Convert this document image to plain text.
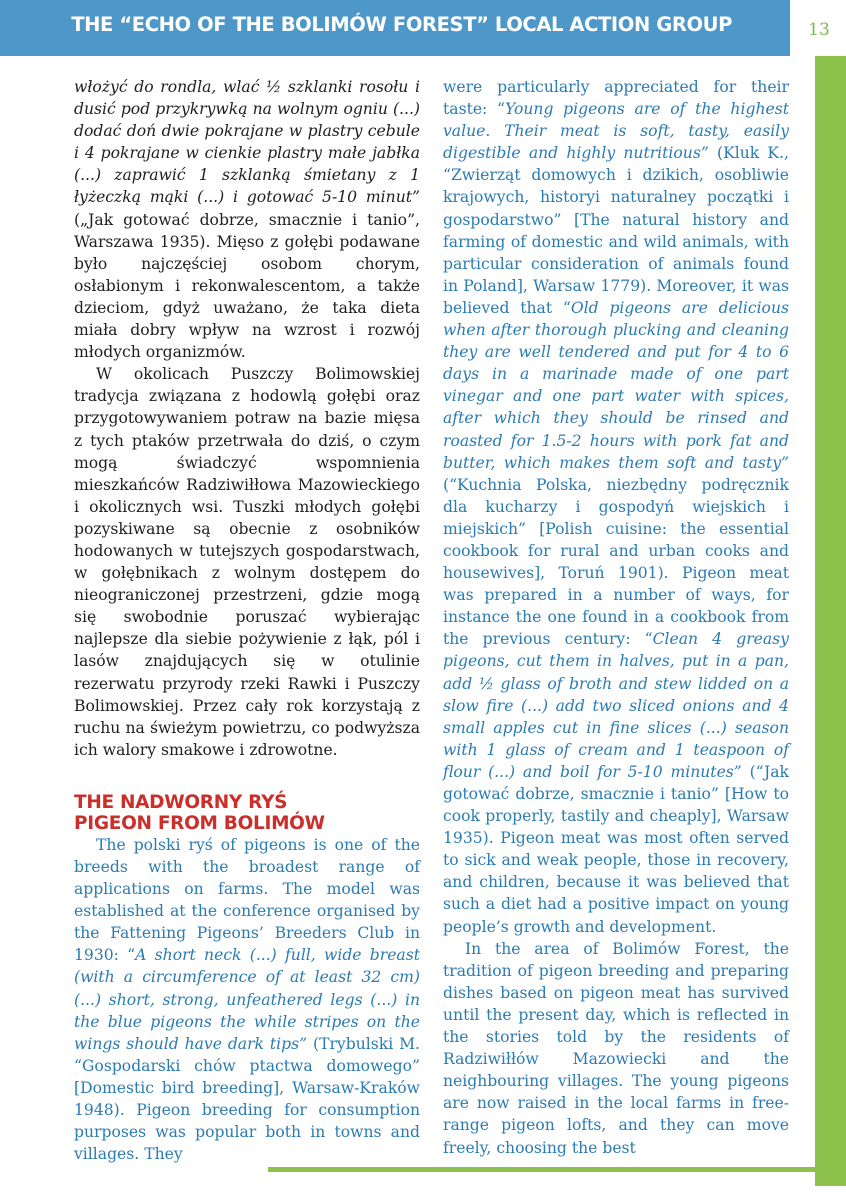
THE “ECHO OF THE BOLIMÓW FOREST” LOCAL ACTION GROUP	13

włożyć do rondla, wlać ½ szklanki rosołu i dusić pod przykrywką na wolnym ogniu (...) dodać doń dwie pokrajane w plastry cebule i 4 pokrajane w cienkie plastry małe jabłka (...) zaprawić 1 szklanką śmietany z 1 łyżeczką mąki (...) i gotować 5-10 minut” („Jak gotować dobrze, smacznie i tanio”, Warszawa 1935). Mięso z gołębi podawane było najczęściej osobom chorym, osłabionym i rekonwalescentom, a także dzieciom, gdyż uważano, że taka dieta miała dobry wpływ na wzrost i rozwój młodych organizmów.

W okolicach Puszczy Bolimowskiej tradycja związana z hodowlą gołębi oraz przygotowywaniem potraw na bazie mięsa z tych ptaków przetrwała do dziś, o czym mogą świadczyć wspomnienia mieszkańców Radziwiłłowa Mazowieckiego i okolicznych wsi. Tuszki młodych gołębi pozyskiwane są obecnie z osobników hodowanych w tutejszych gospodarstwach, w gołębnikach z wolnym dostępem do nieograniczonej przestrzeni, gdzie mogą się swobodnie poruszać wybierając najlepsze dla siebie pożywienie z łąk, pól i lasów znajdujących się w otulinie rezerwatu przyrody rzeki Rawki i Puszczy Bolimowskiej. Przez cały rok korzystają z ruchu na świeżym powietrzu, co podwyższa ich walory smakowe i zdrowotne.

THE NADWORNY RYŚ
PIGEON FROM BOLIMÓW

The polski ryś of pigeons is one of the breeds with the broadest range of applications on farms. The model was established at the conference organised by the Fattening Pigeons’ Breeders Club in 1930: “A short neck (...) full, wide breast (with a circumference of at least 32 cm) (...) short, strong, unfeathered legs (...) in the blue pigeons the while stripes on the wings should have dark tips” (Trybulski M. “Gospodarski chów ptactwa domowego” [Domestic bird breeding], Warsaw-Kraków 1948). Pigeon breeding for consumption purposes was popular both in towns and villages. They

were particularly appreciated for their taste: “Young pigeons are of the highest value. Their meat is soft, tasty, easily digestible and highly nutritious” (Kluk K., “Zwierząt domowych i dzikich, osobliwie krajowych, historyi naturalney początki i gospodarstwo” [The natural history and farming of domestic and wild animals, with particular consideration of animals found in Poland], Warsaw 1779). Moreover, it was believed that “Old pigeons are delicious when after thorough plucking and cleaning they are well tendered and put for 4 to 6 days in a marinade made of one part vinegar and one part water with spices, after which they should be rinsed and roasted for 1.5-2 hours with pork fat and butter, which makes them soft and tasty” (“Kuchnia Polska, niezbędny podręcznik dla kucharzy i gospodyń wiejskich i miejskich” [Polish cuisine: the essential cookbook for rural and urban cooks and housewives], Toruń 1901). Pigeon meat was prepared in a number of ways, for instance the one found in a cookbook from the previous century: “Clean 4 greasy pigeons, cut them in halves, put in a pan, add ½ glass of broth and stew lidded on a slow fire (...) add two sliced onions and 4 small apples cut in fine slices (...) season with 1 glass of cream and 1 teaspoon of flour (...) and boil for 5-10 minutes” (“Jak gotować dobrze, smacznie i tanio” [How to cook properly, tastily and cheaply], Warsaw 1935). Pigeon meat was most often served to sick and weak people, those in recovery, and children, because it was believed that such a diet had a positive impact on young people’s growth and development.

In the area of Bolimów Forest, the tradition of pigeon breeding and preparing dishes based on pigeon meat has survived until the present day, which is reflected in the stories told by the residents of Radziwiłłów Mazowiecki and the neighbouring villages. The young pigeons are now raised in the local farms in free-range pigeon lofts, and they can move freely, choosing the best
